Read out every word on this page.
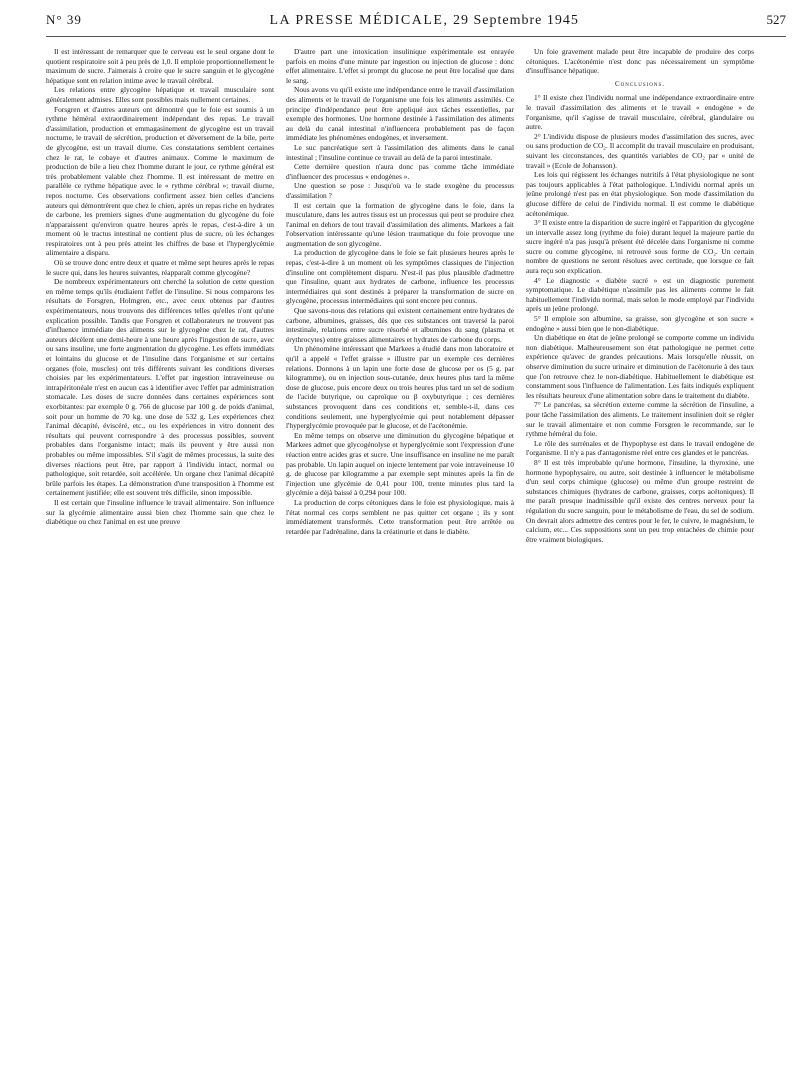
N° 39	LA PRESSE MÉDICALE, 29 Septembre 1945	527

Il est intéressant de remarquer que le cerveau est le seul organe dont le quotient respiratoire soit à peu près de 1,0. Il emploie proportionnellement le maximum de sucre. J'aimerais à croire que le sucre sanguin et le glycogène hépatique sont en relation intime avec le travail cérébral.

Les relations entre glycogène hépatique et travail musculaire sont généralement admises. Elles sont possibles mais nullement certaines.

Forsgren et d'autres auteurs ont démontré que le foie est soumis à un rythme héméral extraordinairement indépendant des repas. Le travail d'assimilation, production et emmagasinement de glycogène est un travail nocturne, le travail de sécrétion, production et déversement de la bile, perte de glycogène, est un travail diurne. Ces constatations semblent certaines chez le rat, le cobaye et d'autres animaux. Comme le maximum de production de bile a lieu chez l'homme durant le jour, ce rythme général est très probablement valable chez l'homme. Il est intéressant de mettre en parallèle ce rythme hépatique avec le « rythme cérébral »; travail diurne, repos nocturne. Ces observations confirment assez bien celles d'anciens auteurs qui démontrèrent que chez le chien, après un repas riche en hydrates de carbone, les premiers signes d'une augmentation du glycogène du foie n'apparaissent qu'environ quatre heures après le repas, c'est-à-dire à un moment où le tractus intestinal ne contient plus de sucre, où les échanges respiratoires ont à peu près atteint les chiffres de base et l'hyperglycémie alimentaire a disparu.

Où se trouve donc entre deux et quatre et même sept heures après le repas le sucre qui, dans les heures suivantes, réapparaît comme glycogène?

De nombreux expérimentateurs ont cherché la solution de cette question en même temps qu'ils étudiaient l'effet de l'insuline. Si nous comparons les résultats de Forsgren, Holmgren, etc., avec ceux obtenus par d'autres expérimentateurs, nous trouvons des différences telles qu'elles n'ont qu'une explication possible. Tandis que Forsgren et collaborateurs ne trouvent pas d'influence immédiate des aliments sur le glycogène chez le rat, d'autres auteurs décèlent une demi-heure à une heure après l'ingestion de sucre, avec ou sans insuline, une forte augmentation du glycogène. Les effets immédiats et lointains du glucose et de l'insuline dans l'organisme et sur certains organes (foie, muscles) ont très différents suivant les conditions diverses choisies par les expérimentateurs. L'effet par ingestion intraveineuse ou intrapéritonéale n'est en aucun cas à identifier avec l'effet par administration stomacale. Les doses de sucre données dans certaines expériences sont exorbitantes: par exemple 0 g. 766 de glucose par 100 g. de poids d'animal, soit pour un homme de 70 kg. une dose de 532 g. Les expériences chez l'animal décapité, éviscéré, etc., ou les expériences in vitro donnent des résultats qui peuvent correspondre à des processus possibles, souvent probables dans l'organisme intact; mais ils peuvent y être aussi non probables ou même impossibles. S'il s'agit de mêmes processus, la suite des diverses réactions peut être, par rapport à l'individu intact, normal ou pathologique, soit retardée, soit accélérée. Un organe chez l'animal décapité brûle parfois les étapes. La démonstration d'une transposition à l'homme est certainement justifiée; elle est souvent très difficile, sinon impossible.

Il est certain que l'insuline influence le travail alimentaire. Son influence sur la glycémie alimentaire aussi bien chez l'homme sain que chez le diabétique ou chez l'animal en est une preuve

D'autre part une intoxication insulinique expérimentale est enrayée parfois en moins d'une minute par ingestion ou injection de glucose : donc effet alimentaire. L'effet si prompt du glucose ne peut être localisé que dans le sang.

Nous avons vu qu'il existe une indépendance entre le travail d'assimilation des aliments et le travail de l'organisme une fois les aliments assimilés. Ce principe d'indépendance peut être appliqué aux tâches essentielles, par exemple des hormones. Une hormone destinée à l'assimilation des aliments au delà du canal intestinal n'influencera probablement pas de façon immédiate les phénomènes endogènes, et inversement.

Le suc pancréatique sert à l'assimilation des aliments dans le canal intestinal ; l'insuline continue ce travail au delà de la paroi intestinale.

Cette dernière question n'aura donc pas comme tâche immédiate d'influencer des processus « endogènes ».

Une question se pose : Jusqu'où va le stade exogène du processus d'assimilation ?

Il est certain que la formation de glycogène dans le foie, dans la musculature, dans les autres tissus est un processus qui peut se produire chez l'animal en dehors de tout travail d'assimilation des aliments. Markees a fait l'observation intéressante qu'une lésion traumatique du foie provoque une augmentation de son glycogène.

La production de glycogène dans le foie se fait plusieurs heures après le repas, c'est-à-dire à un moment où les symptômes classiques de l'injection d'insuline ont complètement disparu. N'est-il pas plus plausible d'admettre que l'insuline, quant aux hydrates de carbone, influence les processus intermédiaires qui sont destinés à préparer la transformation de sucre en glycogène, processus intermédiaires qui sont encore peu connus.

Que savons-nous des relations qui existent certainement entre hydrates de carbone, albumines, graisses, dès que ces substances ont traversé la paroi intestinale, relations entre sucre résorbé et albumines du sang (plasma et érythrocytes) entre graisses alimentaires et hydrates de carbone du corps.

Un phénomène intéressant que Markees a étudié dans mon laboratoire et qu'il a appelé « l'effet graisse » illustre par un exemple ces dernières relations. Donnons à un lapin une forte dose de glucose per os (5 g. par kilogramme), ou en injection sous-cutanée, deux heures plus tard la même dose de glucose, puis encore deux ou trois heures plus tard un sel de sodium de l'acide butyrique, ou caproïque ou β oxybutyrique ; ces dernières substances provoquent dans ces conditions et, semble-t-il, dans ces conditions seulement, une hyperglycémie qui peut notablement dépasser l'hyperglycémie provoquée par le glucose, et de l'acétonémie.

En même temps on observe une diminution du glycogène hépatique et Markees admet que glycogénolyse et hyperglycémie sont l'expression d'une réaction entre acides gras et sucre. Une insuffisance en insuline ne me paraît pas probable. Un lapin auquel on injecte lentement par voie intraveineuse 10 g. de glucose par kilogramme a par exemple sept minutes après la fin de l'injection une glycémie de 0,41 pour 100, trente minutes plus tard la glycémie a déjà baissé à 0,294 pour 100.

La production de corps cétoniques dans le foie est physiologique, mais à l'état normal ces corps semblent ne pas quitter cet organe ; ils y sont immédiatement transformés. Cette transformation peut être arrêtée ou retardée par l'adrénaline, dans la créatinurie et dans le diabète.

Un foie gravement malade peut être incapable de produire des corps cétoniques. L'acétonémie n'est donc pas nécessairement un symptôme d'insuffisance hépatique.

Conclusions.

1° Il existe chez l'individu normal une indépendance extraordinaire entre le travail d'assimilation des aliments et le travail « endogène » de l'organisme, qu'il s'agisse de travail musculaire, cérébral, glandulaire ou autre.

2° L'individu dispose de plusieurs modes d'assimilation des sucres, avec ou sans production de CO₂. Il accomplit du travail musculaire en produisant, suivant les circonstances, des quantités variables de CO₂ par « unité de travail » (Ecole de Johansson).

Les lois qui régissent les échanges nutritifs à l'état physiologique ne sont pas toujours applicables à l'état pathologique. L'individu normal après un jeûne prolongé n'est pas en état physiologique. Son mode d'assimilation du glucose diffère de celui de l'individu normal. Il est comme le diabétique acétonémique.

3° Il existe entre la disparition de sucre ingéré et l'apparition du glycogène un intervalle assez long (rythme du foie) durant lequel la majeure partie du sucre ingéré n'a pas jusqu'à présent été décelée dans l'organisme ni comme sucre ou comme glycogène, ni retrouvé sous forme de CO₂. Un certain nombre de questions ne seront résolues avec certitude, que lorsque ce fait aura reçu son explication.

4° Le diagnostic « diabète sucré » est un diagnostic purement symptomatique. Le diabétique n'assimile pas les aliments comme le fait habituellement l'individu normal, mais selon le mode employé par l'individu après un jeûne prolongé.

5° Il emploie son albumine, sa graisse, son glycogène et son sucre « endogène » aussi bien que le non-diabétique.

Un diabétique en état de jeûne prolongé se comporte comme un individu non diabétique. Malheureusement son état pathologique ne permet cette expérience qu'avec de grandes précautions. Mais lorsqu'elle réussit, on observe diminution du sucre urinaire et diminution de l'acétonurie à des taux que l'on retrouve chez le non-diabétique. Habituellement le diabétique est constamment sous l'influence de l'alimentation. Les faits indiqués expliquent les résultats heureux d'une alimentation sobre dans le traitement du diabète.

7° Le pancréas, sa sécrétion externe comme la sécrétion de l'insuline, a pour tâche l'assimilation des aliments. Le traitement insulinien doit se régler sur le travail alimentaire et non comme Forsgren le recommande, sur le rythme héméral du foie.

Le rôle des surrénales et de l'hypophyse est dans le travail endogène de l'organisme. Il n'y a pas d'antagonisme réel entre ces glandes et le pancréas.

8° Il est très improbable qu'une hormone, l'insuline, la thyroxine, une hormone hypophysaire, ou autre, soit destinée à influencer le métabolisme d'un seul corps chimique (glucose) ou même d'un groupe restreint de substances chimiques (hydrates de carbone, graisses, corps acétoniques). Il me paraît presque inadmissible qu'il existe des centres nerveux pour la régulation du sucre sanguin, pour le métabolisme de l'eau, du sel de sodium. On devrait alors admettre des centres pour le fer, le cuivre, le magnésium, le calcium, etc... Ces suppositions sont un peu trop entachées de chimie pour être vraiment biologiques.
